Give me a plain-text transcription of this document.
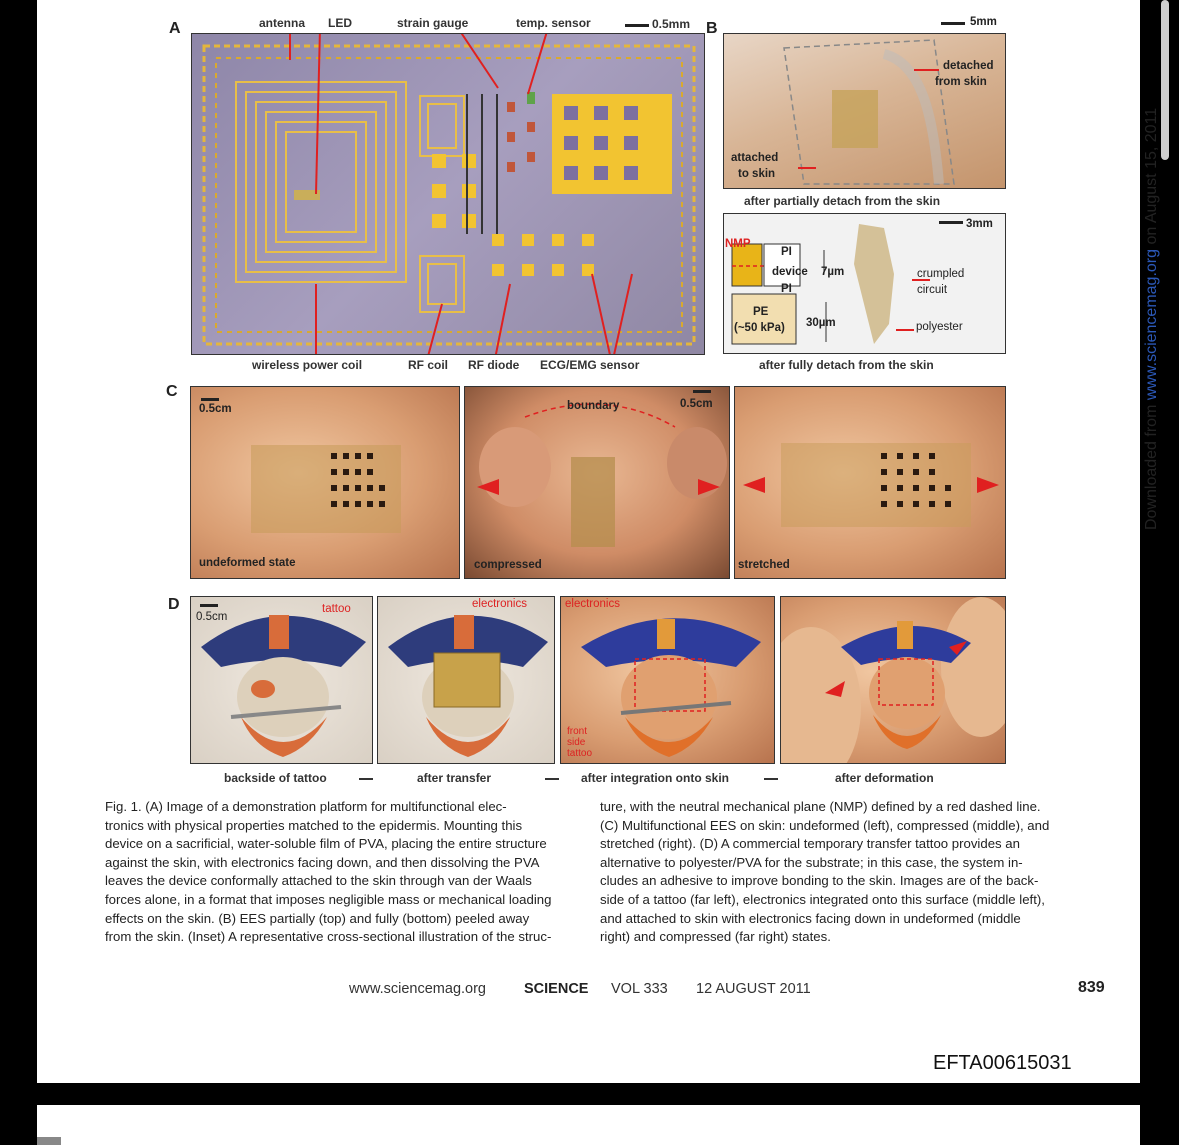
A	antenna LED	strain gauge	temp. sensor	0.5mm
wireless power coil	RF coil RF diode ECG/EMG sensor
B	5mm
detached
from skin
attached
to skin
after partially detach from the skin
3mm
NMP
PI
device 7µm
PI
PE
(~50 kPa) 30µm
crumpled
circuit
polyester
after fully detach from the skin
C
0.5cm
undeformed state
boundary	0.5cm
compressed	stretched
D
0.5cm
tattoo	electronics	electronics
front
side
tattoo
backside of tattoo	after transfer	after integration onto skin	after deformation
Fig. 1. (A) Image of a demonstration platform for multifunctional elec-
tronics with physical properties matched to the epidermis. Mounting this
device on a sacrificial, water-soluble film of PVA, placing the entire structure
against the skin, with electronics facing down, and then dissolving the PVA
leaves the device conformally attached to the skin through van der Waals
forces alone, in a format that imposes negligible mass or mechanical loading
effects on the skin. (B) EES partially (top) and fully (bottom) peeled away
from the skin. (Inset) A representative cross-sectional illustration of the struc-
ture, with the neutral mechanical plane (NMP) defined by a red dashed line.
(C) Multifunctional EES on skin: undeformed (left), compressed (middle), and
stretched (right). (D) A commercial temporary transfer tattoo provides an
alternative to polyester/PVA for the substrate; in this case, the system in-
cludes an adhesive to improve bonding to the skin. Images are of the back-
side of a tattoo (far left), electronics integrated onto this surface (middle left),
and attached to skin with electronics facing down in undeformed (middle
right) and compressed (far right) states.
www.sciencemag.org	SCIENCE VOL 333 12 AUGUST 2011	839
Downloaded from www.sciencemag.org on August 15, 2011
EFTA00615031
